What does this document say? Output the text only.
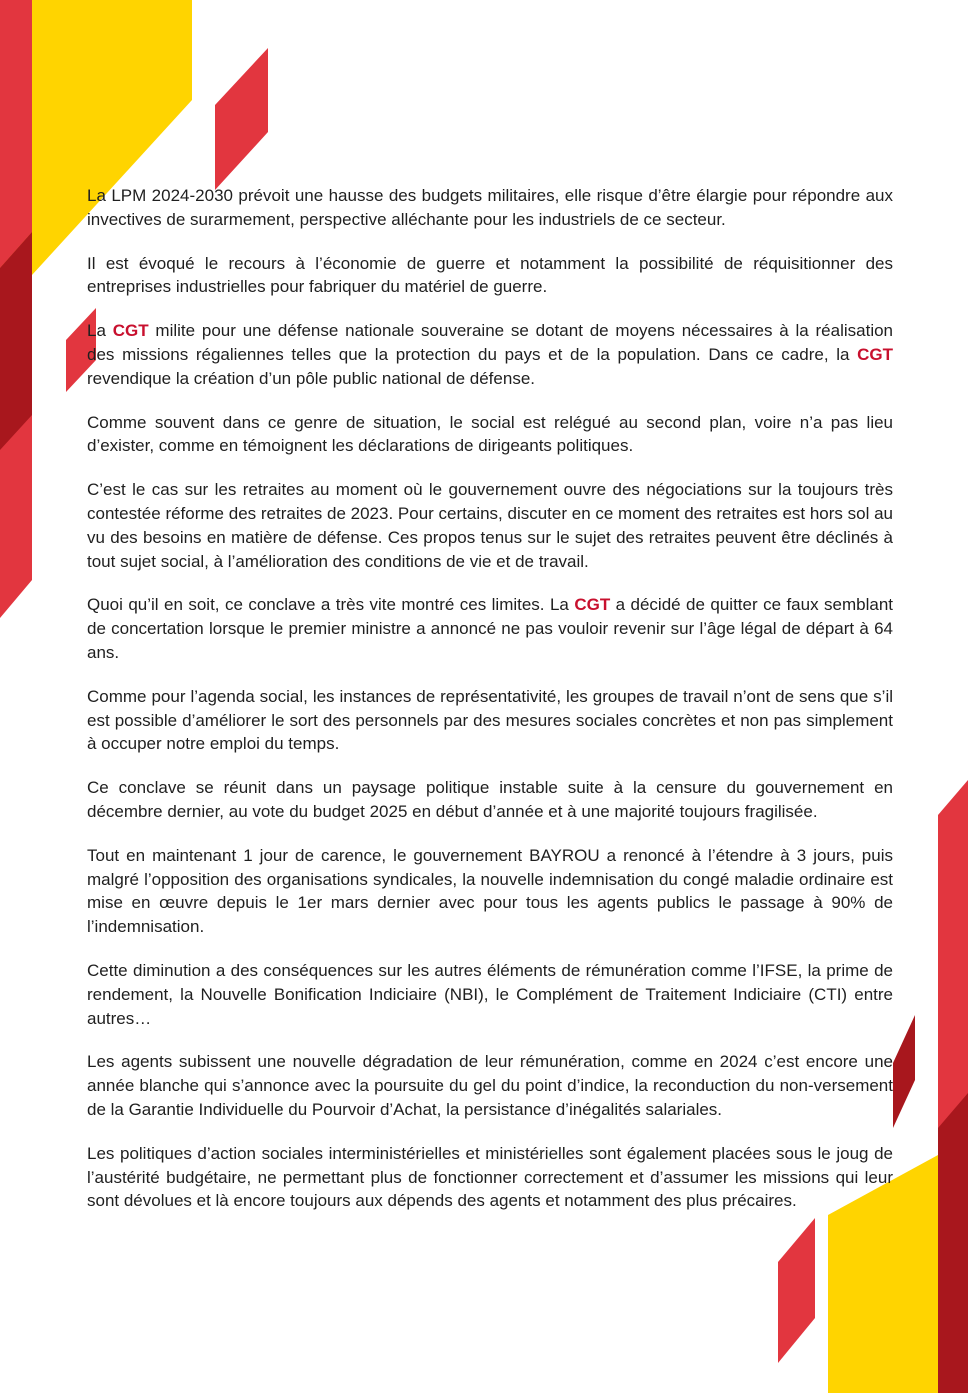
La LPM 2024-2030 prévoit une hausse des budgets militaires, elle risque d’être élargie pour répondre aux invectives de surarmement, perspective alléchante pour les industriels de ce secteur.

Il est évoqué le recours à l’économie de guerre et notamment la possibilité de réquisitionner des entreprises industrielles pour fabriquer du matériel de guerre.

La CGT milite pour une défense nationale souveraine se dotant de moyens nécessaires à la réalisation des missions régaliennes telles que la protection du pays et de la population. Dans ce cadre, la CGT revendique la création d’un pôle public national de défense.

Comme souvent dans ce genre de situation, le social est relégué au second plan, voire n’a pas lieu d’exister, comme en témoignent les déclarations de dirigeants politiques.

C’est le cas sur les retraites au moment où le gouvernement ouvre des négociations sur la toujours très contestée réforme des retraites de 2023. Pour certains, discuter en ce moment des retraites est hors sol au vu des besoins en matière de défense. Ces propos tenus sur le sujet des retraites peuvent être déclinés à tout sujet social, à l’amélioration des conditions de vie et de travail.

Quoi qu’il en soit, ce conclave a très vite montré ces limites. La CGT a décidé de quitter ce faux semblant de concertation lorsque le premier ministre a annoncé ne pas vouloir revenir sur l’âge légal de départ à 64 ans.

Comme pour l’agenda social, les instances de représentativité, les groupes de travail n’ont de sens que s’il est possible d’améliorer le sort des personnels par des mesures sociales concrètes et non pas simplement à occuper notre emploi du temps.

Ce conclave se réunit dans un paysage politique instable suite à la censure du gouvernement en décembre dernier, au vote du budget 2025 en début d’année et à une majorité toujours fragilisée.

Tout en maintenant 1 jour de carence, le gouvernement BAYROU a renoncé à l’étendre à 3 jours, puis malgré l’opposition des organisations syndicales, la nouvelle indemnisation du congé maladie ordinaire est mise en œuvre depuis le 1er mars dernier avec pour tous les agents publics le passage à 90% de l’indemnisation.

Cette diminution a des conséquences sur les autres éléments de rémunération comme l’IFSE, la prime de rendement, la Nouvelle Bonification Indiciaire (NBI), le Complément de Traitement Indiciaire (CTI) entre autres…

Les agents subissent une nouvelle dégradation de leur rémunération, comme en 2024 c’est encore une année blanche qui s’annonce avec la poursuite du gel du point d’indice, la reconduction du non-versement de la Garantie Individuelle du Pourvoir d’Achat, la persistance d’inégalités salariales.

Les politiques d’action sociales interministérielles et ministérielles sont également placées sous le joug de l’austérité budgétaire, ne permettant plus de fonctionner correctement et d’assumer les missions qui leur sont dévolues et là encore toujours aux dépends des agents et notamment des plus précaires.
